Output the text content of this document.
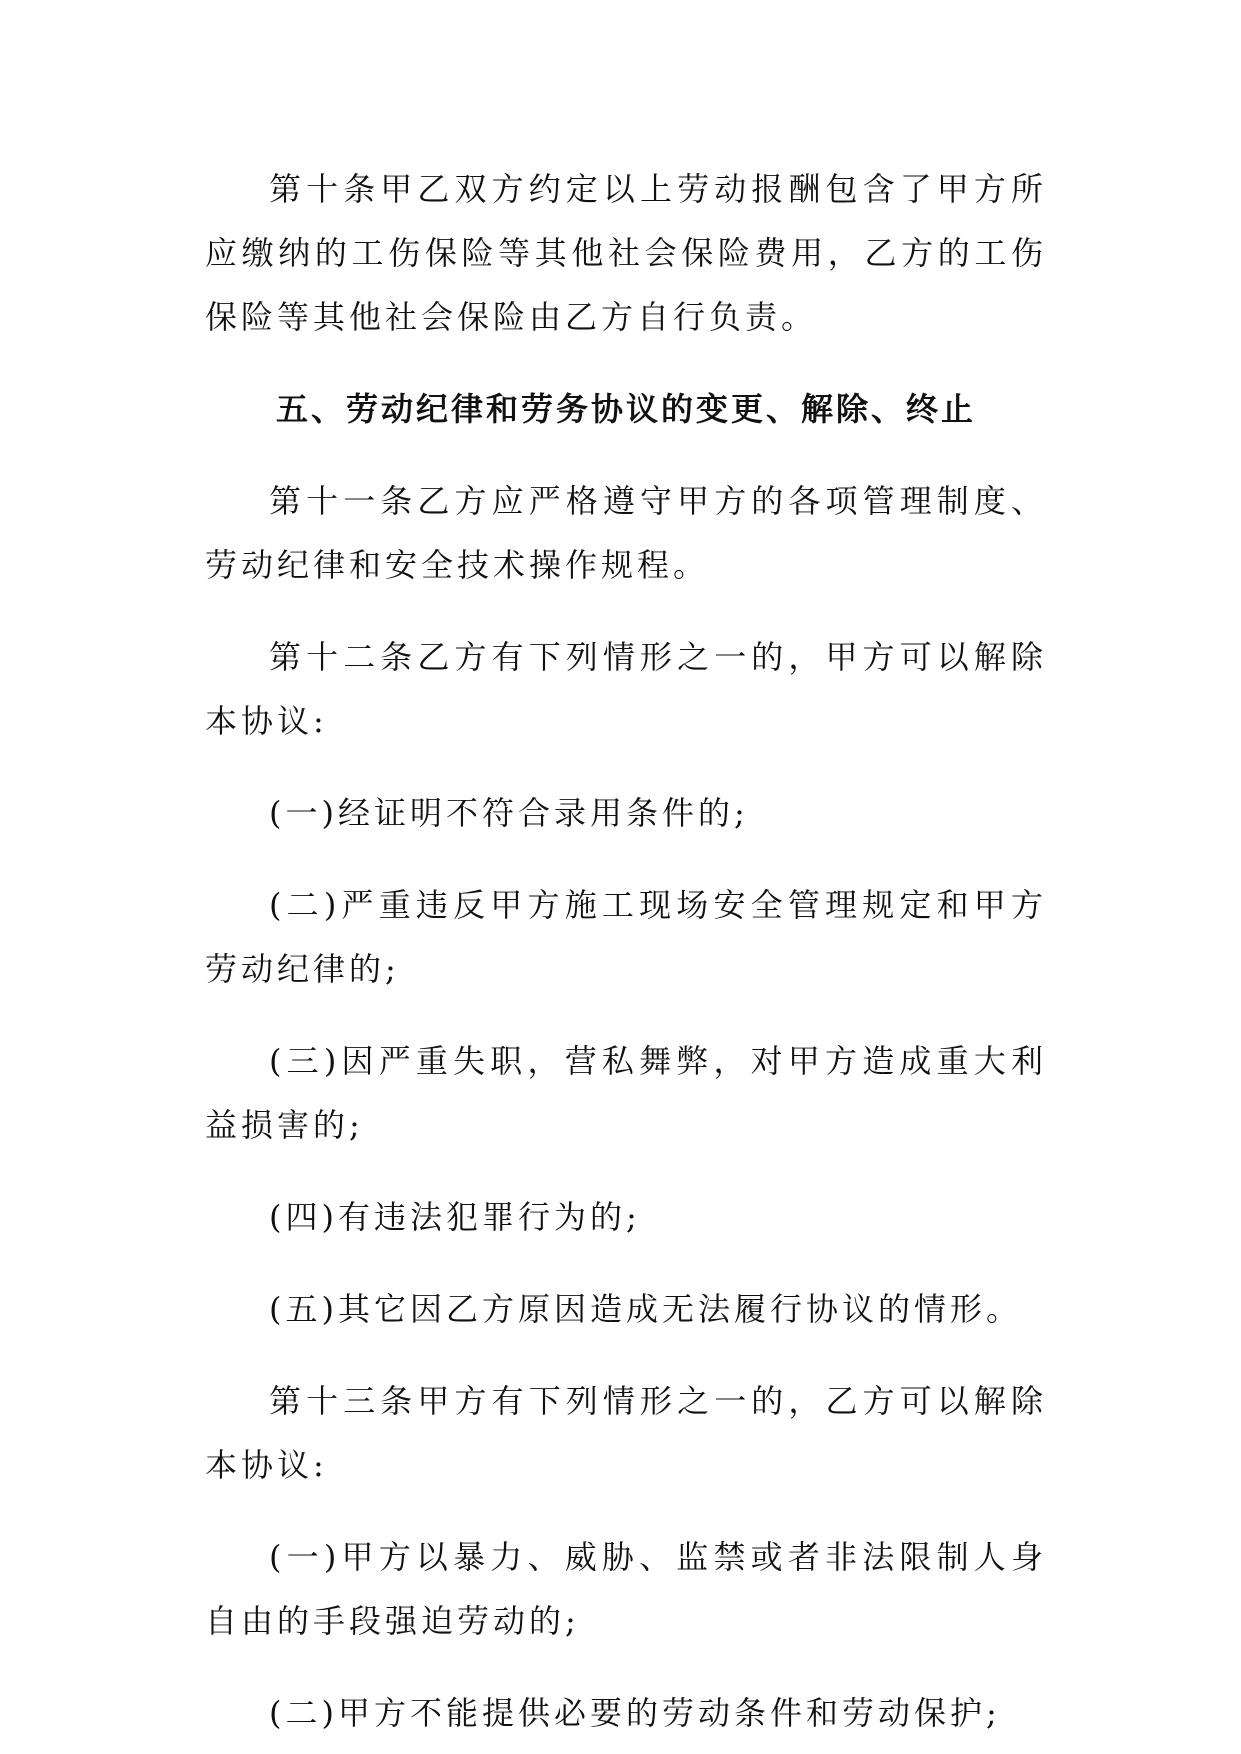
第十条甲乙双方约定以上劳动报酬包含了甲方所应缴纳的工伤保险等其他社会保险费用，乙方的工伤保险等其他社会保险由乙方自行负责。

五、劳动纪律和劳务协议的变更、解除、终止

第十一条乙方应严格遵守甲方的各项管理制度、劳动纪律和安全技术操作规程。

第十二条乙方有下列情形之一的，甲方可以解除本协议:

(一)经证明不符合录用条件的;

(二)严重违反甲方施工现场安全管理规定和甲方劳动纪律的;

(三)因严重失职，营私舞弊，对甲方造成重大利益损害的;

(四)有违法犯罪行为的;

(五)其它因乙方原因造成无法履行协议的情形。

第十三条甲方有下列情形之一的，乙方可以解除本协议:

(一)甲方以暴力、威胁、监禁或者非法限制人身自由的手段强迫劳动的;

(二)甲方不能提供必要的劳动条件和劳动保护;
